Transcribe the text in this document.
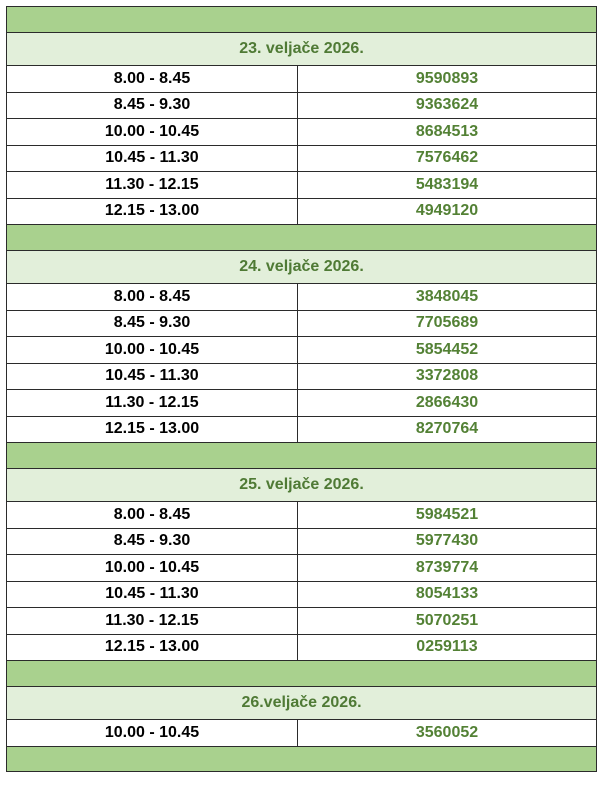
23. veljače 2026.
8.00 - 8.45	9590893
8.45 - 9.30	9363624
10.00 - 10.45	8684513
10.45 - 11.30	7576462
11.30 - 12.15	5483194
12.15 - 13.00	4949120
24. veljače 2026.
8.00 - 8.45	3848045
8.45 - 9.30	7705689
10.00 - 10.45	5854452
10.45 - 11.30	3372808
11.30 - 12.15	2866430
12.15 - 13.00	8270764
25. veljače 2026.
8.00 - 8.45	5984521
8.45 - 9.30	5977430
10.00 - 10.45	8739774
10.45 - 11.30	8054133
11.30 - 12.15	5070251
12.15 - 13.00	0259113
26.veljače 2026.
10.00 - 10.45	3560052
